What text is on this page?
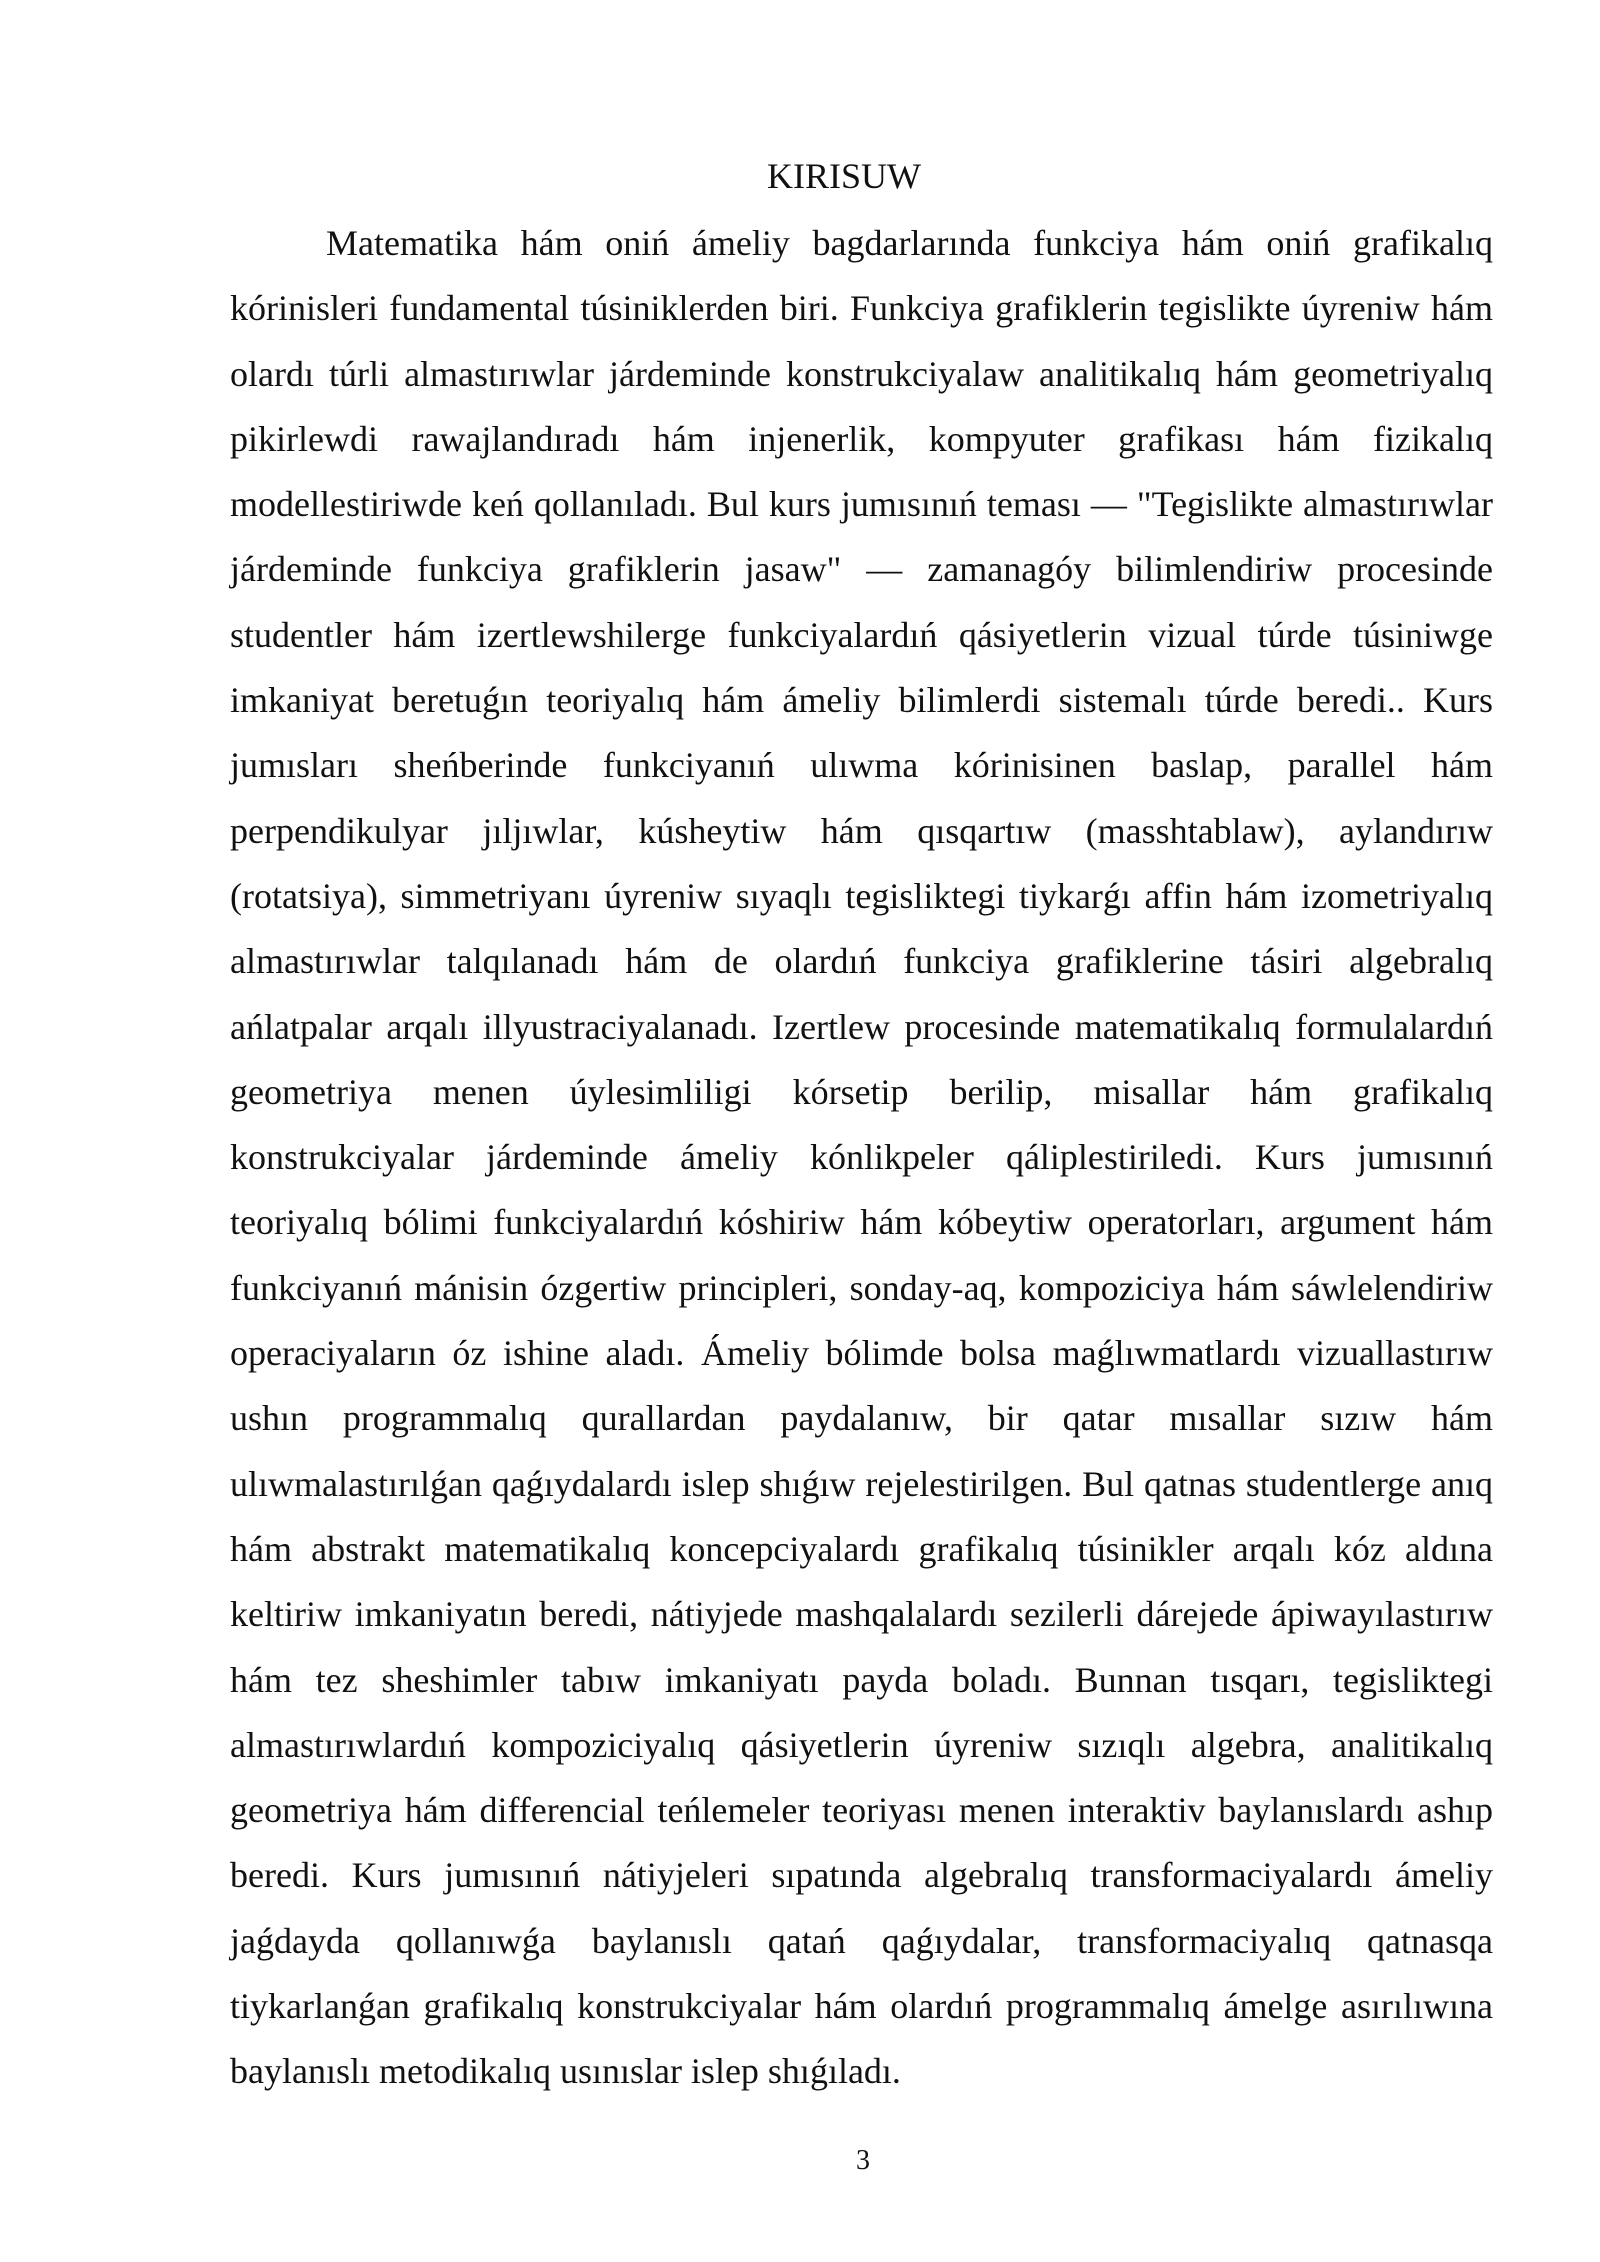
KIRISUW

Matematika hám oniń ámeliy bagdarlarında funkciya hám oniń grafikalıq kórinisleri fundamental túsiniklerden biri. Funkciya grafiklerin tegislikte úyreniw hám olardı túrli almastırıwlar járdeminde konstrukciyalaw analitikalıq hám geometriyalıq pikirlewdi rawajlandıradı hám injenerlik, kompyuter grafikası hám fizikalıq modellestiriwde keń qollanıladı. Bul kurs jumısınıń teması — "Tegislikte almastırıwlar járdeminde funkciya grafiklerin jasaw" — zamanagóy bilimlendiriw procesinde studentler hám izertlewshilerge funkciyalardıń qásiyetlerin vizual túrde túsiniwge imkaniyat beretuǵın teoriyalıq hám ámeliy bilimlerdi sistemalı túrde beredi.. Kurs jumısları sheńberinde funkciyanıń ulıwma kórinisinen baslap, parallel hám perpendikulyar jıljıwlar, kúsheytiw hám qısqartıw (masshtablaw), aylandırıw (rotatsiya), simmetriyanı úyreniw sıyaqlı tegisliktegi tiykarǵı affin hám izometriyalıq almastırıwlar talqılanadı hám de olardıń funkciya grafiklerine tásiri algebralıq ańlatpalar arqalı illyustraciyalanadı. Izertlew procesinde matematikalıq formulalardıń geometriya menen úylesimliligi kórsetip berilip, misallar hám grafikalıq konstrukciyalar járdeminde ámeliy kónlikpeler qáliplestiriledi. Kurs jumısınıń teoriyalıq bólimi funkciyalardıń kóshiriw hám kóbeytiw operatorları, argument hám funkciyanıń mánisin ózgertiw principleri, sonday-aq, kompoziciya hám sáwlelendiriw operaciyaların óz ishine aladı. Ámeliy bólimde bolsa maǵlıwmatlardı vizuallastırıw ushın programmalıq qurallardan paydalanıw, bir qatar mısallar sızıw hám ulıwmalastırılǵan qaǵıydalardı islep shıǵıw rejelestirilgen. Bul qatnas studentlerge anıq hám abstrakt matematikalıq koncepciyalardı grafikalıq túsinikler arqalı kóz aldına keltiriw imkaniyatın beredi, nátiyjede mashqalalardı sezilerli dárejede ápiwayılastırıw hám tez sheshimler tabıw imkaniyatı payda boladı. Bunnan tısqarı, tegisliktegi almastırıwlardıń kompoziciyalıq qásiyetlerin úyreniw sızıqlı algebra, analitikalıq geometriya hám differencial teńlemeler teoriyası menen interaktiv baylanıslardı ashıp beredi. Kurs jumısınıń nátiyjeleri sıpatında algebralıq transformaciyalardı ámeliy jaǵdayda qollanıwǵa baylanıslı qatań qaǵıydalar, transformaciyalıq qatnasqa tiykarlanǵan grafikalıq konstrukciyalar hám olardıń programmalıq ámelge asırılıwına baylanıslı metodikalıq usınıslar islep shıǵıladı.

3
